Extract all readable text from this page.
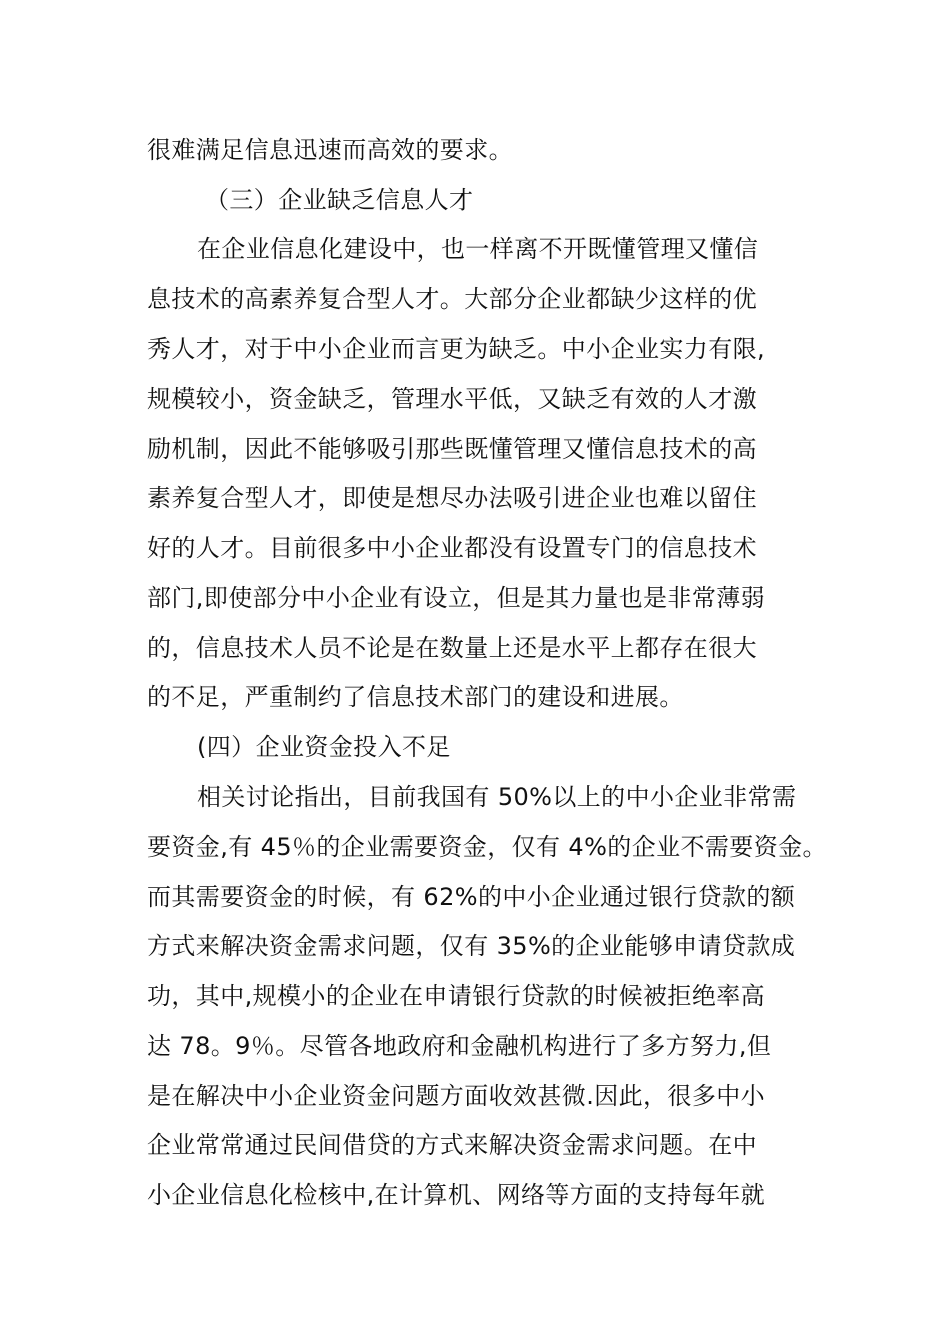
很难满足信息迅速而高效的要求。
（三）企业缺乏信息人才
在企业信息化建设中，也一样离不开既懂管理又懂信
息技术的高素养复合型人才。大部分企业都缺少这样的优
秀人才，对于中小企业而言更为缺乏。中小企业实力有限,
规模较小，资金缺乏，管理水平低，又缺乏有效的人才激
励机制，因此不能够吸引那些既懂管理又懂信息技术的高
素养复合型人才，即使是想尽办法吸引进企业也难以留住
好的人才。目前很多中小企业都没有设置专门的信息技术
部门,即使部分中小企业有设立，但是其力量也是非常薄弱
的，信息技术人员不论是在数量上还是水平上都存在很大
的不足，严重制约了信息技术部门的建设和进展。
(四）企业资金投入不足
相关讨论指出，目前我国有 50%以上的中小企业非常需
要资金,有 45％的企业需要资金，仅有 4%的企业不需要资金。
而其需要资金的时候，有 62%的中小企业通过银行贷款的额
方式来解决资金需求问题，仅有 35%的企业能够申请贷款成
功，其中,规模小的企业在申请银行贷款的时候被拒绝率高
达 78。9％。尽管各地政府和金融机构进行了多方努力,但
是在解决中小企业资金问题方面收效甚微.因此，很多中小
企业常常通过民间借贷的方式来解决资金需求问题。在中
小企业信息化检核中,在计算机、网络等方面的支持每年就
